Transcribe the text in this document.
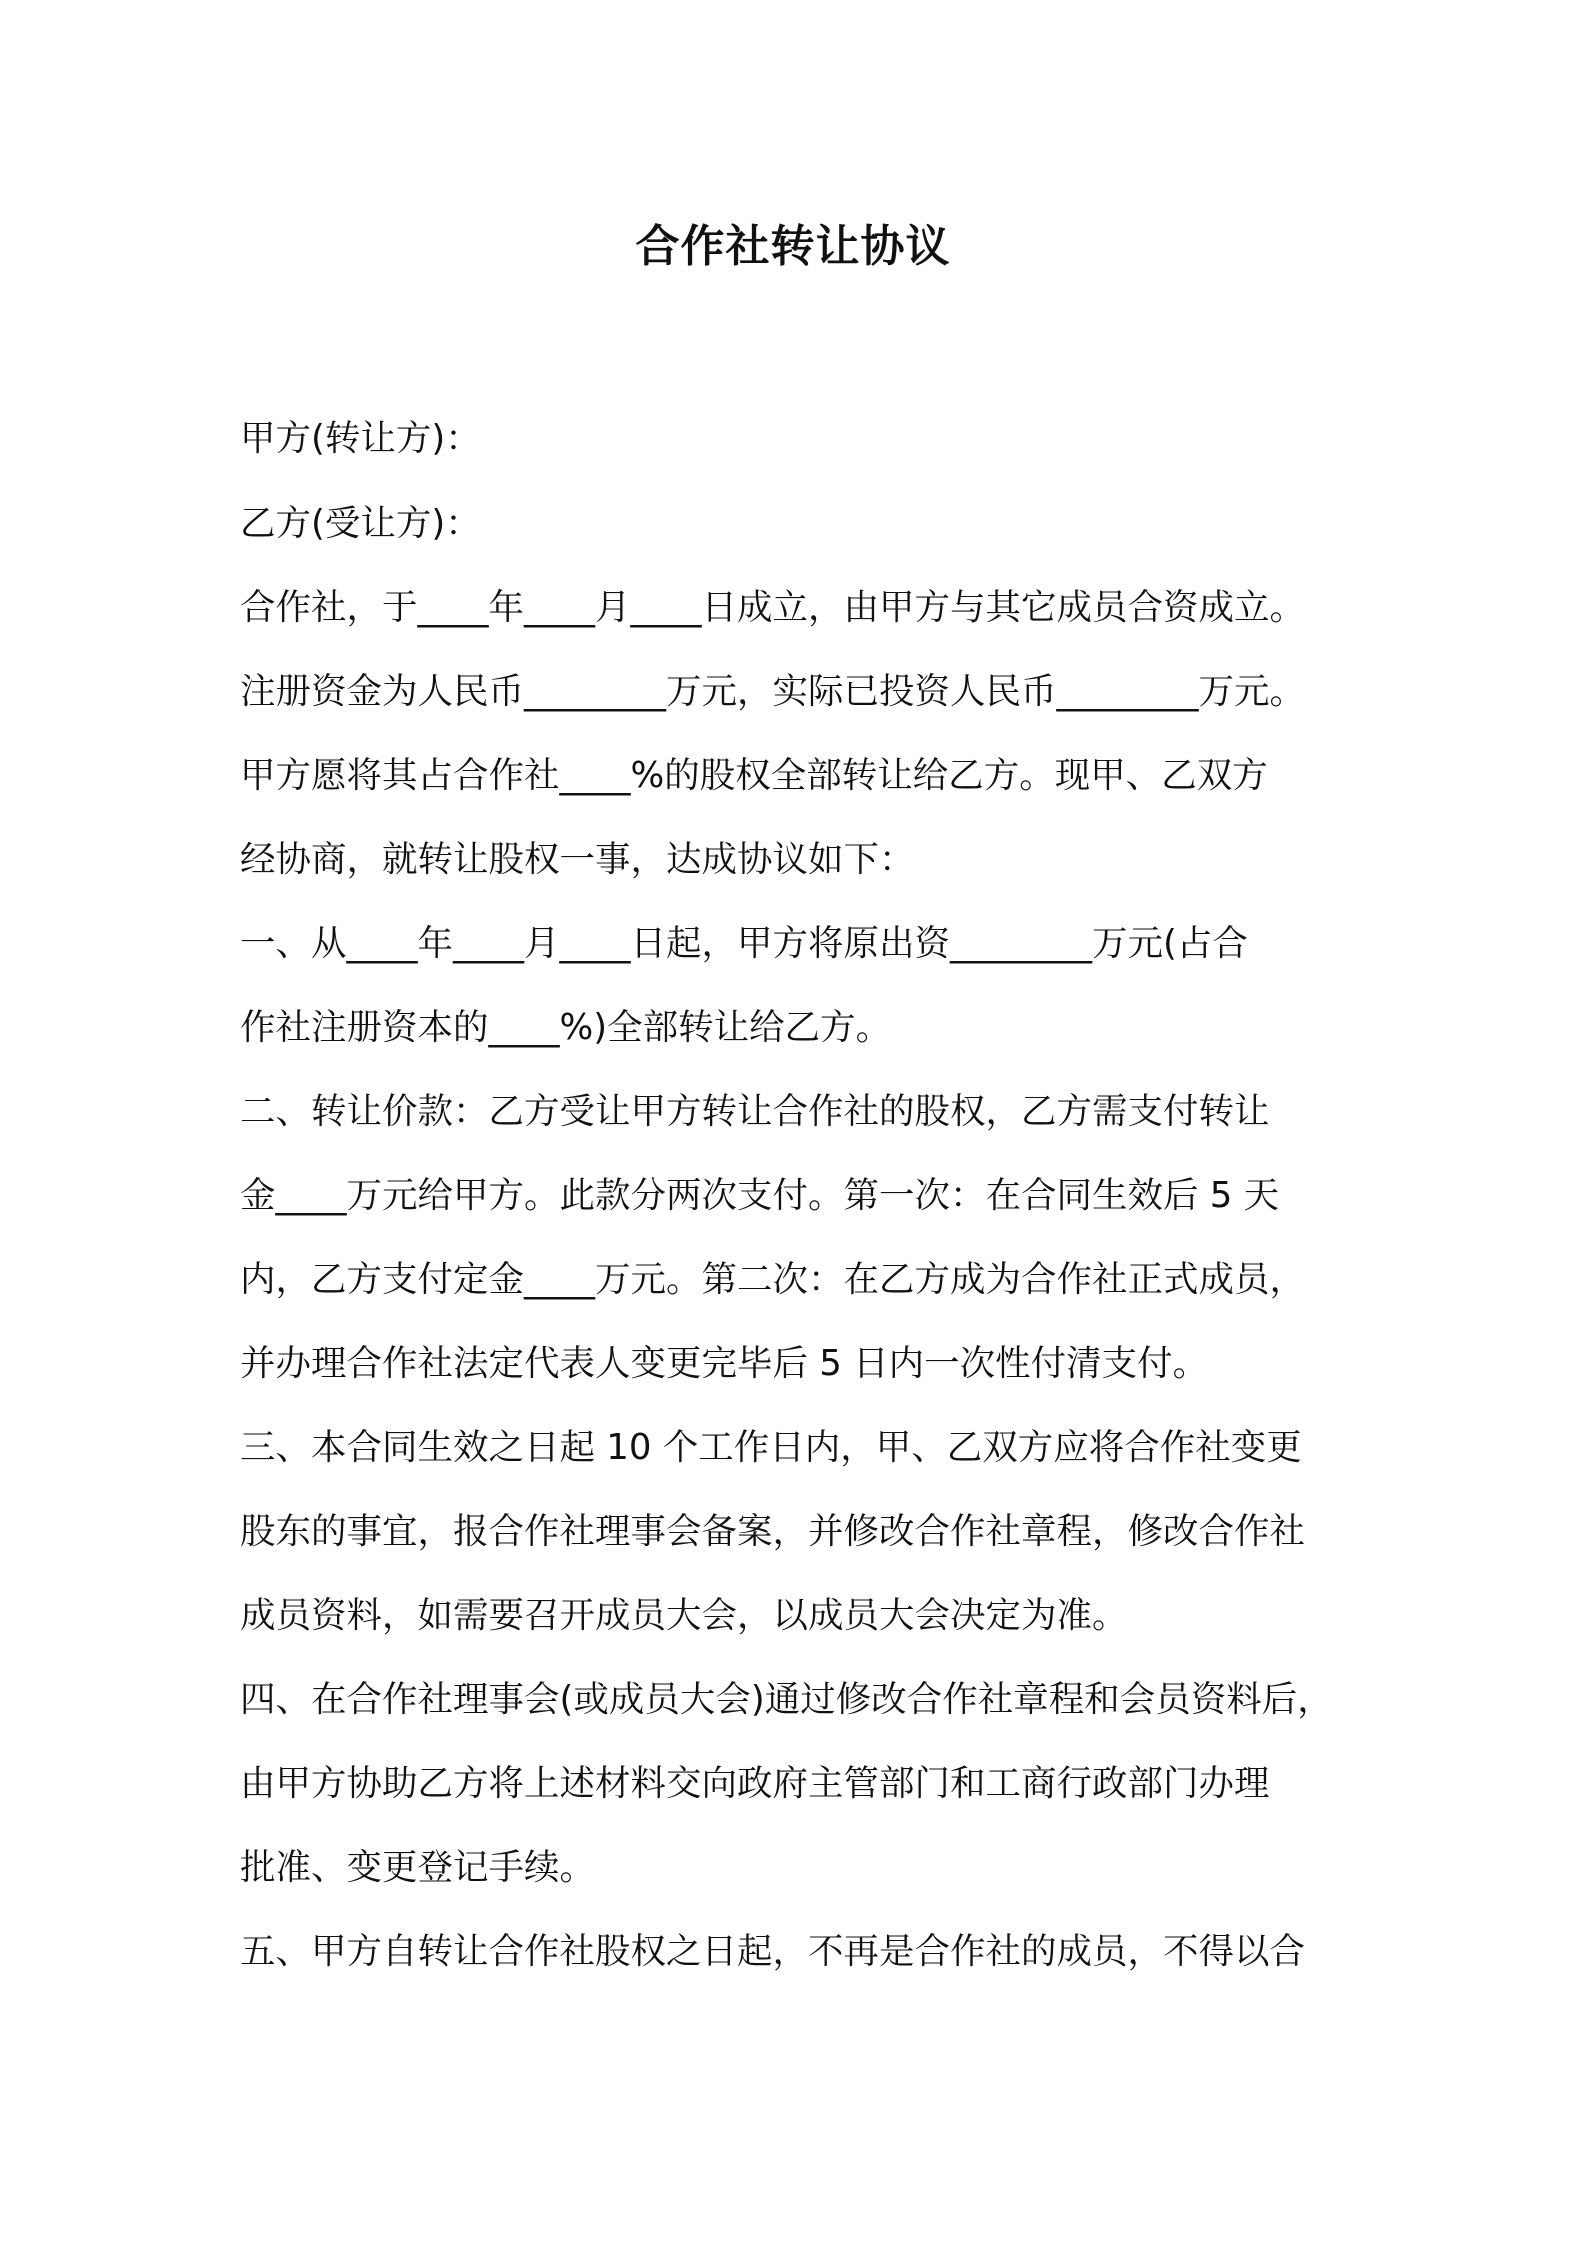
合作社转让协议
甲方(转让方)：
乙方(受让方)：
合作社，于____年____月____日成立，由甲方与其它成员合资成立。
注册资金为人民币________万元，实际已投资人民币________万元。
甲方愿将其占合作社____%的股权全部转让给乙方。现甲、乙双方
经协商，就转让股权一事，达成协议如下：
一、从____年____月____日起，甲方将原出资________万元(占合
作社注册资本的____%)全部转让给乙方。
二、转让价款：乙方受让甲方转让合作社的股权，乙方需支付转让
金____万元给甲方。此款分两次支付。第一次：在合同生效后 5 天
内，乙方支付定金____万元。第二次：在乙方成为合作社正式成员，
并办理合作社法定代表人变更完毕后 5 日内一次性付清支付。
三、本合同生效之日起 10 个工作日内，甲、乙双方应将合作社变更
股东的事宜，报合作社理事会备案，并修改合作社章程，修改合作社
成员资料，如需要召开成员大会，以成员大会决定为准。
四、在合作社理事会(或成员大会)通过修改合作社章程和会员资料后，
由甲方协助乙方将上述材料交向政府主管部门和工商行政部门办理
批准、变更登记手续。
五、甲方自转让合作社股权之日起，不再是合作社的成员，不得以合
